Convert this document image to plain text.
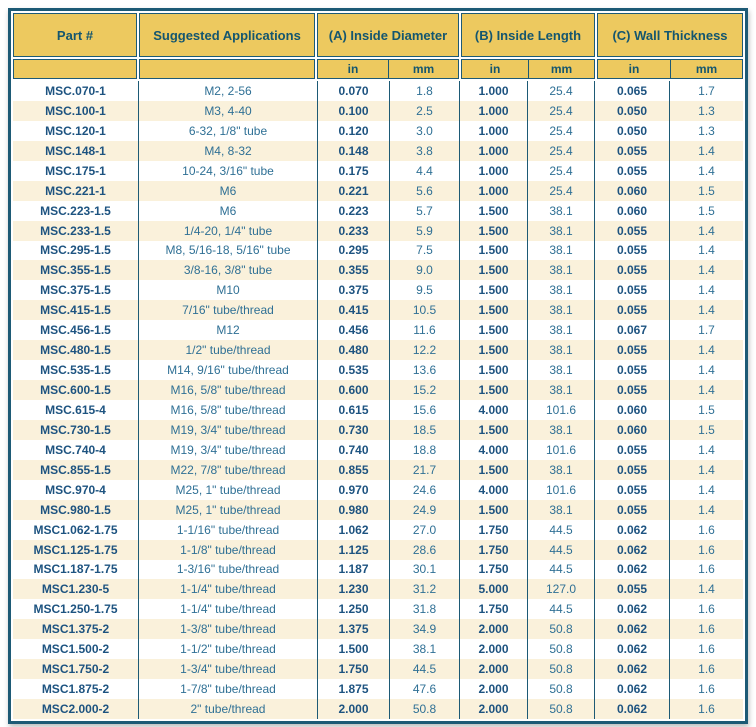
Part #	Suggested Applications	(A) Inside Diameter	(B) Inside Length	(C) Wall Thickness
in	mm	in	mm	in	mm
MSC.070-1	M2, 2-56	0.070	1.8	1.000	25.4	0.065	1.7
MSC.100-1	M3, 4-40	0.100	2.5	1.000	25.4	0.050	1.3
MSC.120-1	6-32, 1/8" tube	0.120	3.0	1.000	25.4	0.050	1.3
MSC.148-1	M4, 8-32	0.148	3.8	1.000	25.4	0.055	1.4
MSC.175-1	10-24, 3/16" tube	0.175	4.4	1.000	25.4	0.055	1.4
MSC.221-1	M6	0.221	5.6	1.000	25.4	0.060	1.5
MSC.223-1.5	M6	0.223	5.7	1.500	38.1	0.060	1.5
MSC.233-1.5	1/4-20, 1/4" tube	0.233	5.9	1.500	38.1	0.055	1.4
MSC.295-1.5	M8, 5/16-18, 5/16" tube	0.295	7.5	1.500	38.1	0.055	1.4
MSC.355-1.5	3/8-16, 3/8" tube	0.355	9.0	1.500	38.1	0.055	1.4
MSC.375-1.5	M10	0.375	9.5	1.500	38.1	0.055	1.4
MSC.415-1.5	7/16" tube/thread	0.415	10.5	1.500	38.1	0.055	1.4
MSC.456-1.5	M12	0.456	11.6	1.500	38.1	0.067	1.7
MSC.480-1.5	1/2" tube/thread	0.480	12.2	1.500	38.1	0.055	1.4
MSC.535-1.5	M14, 9/16" tube/thread	0.535	13.6	1.500	38.1	0.055	1.4
MSC.600-1.5	M16, 5/8" tube/thread	0.600	15.2	1.500	38.1	0.055	1.4
MSC.615-4	M16, 5/8" tube/thread	0.615	15.6	4.000	101.6	0.060	1.5
MSC.730-1.5	M19, 3/4" tube/thread	0.730	18.5	1.500	38.1	0.060	1.5
MSC.740-4	M19, 3/4" tube/thread	0.740	18.8	4.000	101.6	0.055	1.4
MSC.855-1.5	M22, 7/8" tube/thread	0.855	21.7	1.500	38.1	0.055	1.4
MSC.970-4	M25, 1" tube/thread	0.970	24.6	4.000	101.6	0.055	1.4
MSC.980-1.5	M25, 1" tube/thread	0.980	24.9	1.500	38.1	0.055	1.4
MSC1.062-1.75	1-1/16" tube/thread	1.062	27.0	1.750	44.5	0.062	1.6
MSC1.125-1.75	1-1/8" tube/thread	1.125	28.6	1.750	44.5	0.062	1.6
MSC1.187-1.75	1-3/16" tube/thread	1.187	30.1	1.750	44.5	0.062	1.6
MSC1.230-5	1-1/4" tube/thread	1.230	31.2	5.000	127.0	0.055	1.4
MSC1.250-1.75	1-1/4" tube/thread	1.250	31.8	1.750	44.5	0.062	1.6
MSC1.375-2	1-3/8" tube/thread	1.375	34.9	2.000	50.8	0.062	1.6
MSC1.500-2	1-1/2" tube/thread	1.500	38.1	2.000	50.8	0.062	1.6
MSC1.750-2	1-3/4" tube/thread	1.750	44.5	2.000	50.8	0.062	1.6
MSC1.875-2	1-7/8" tube/thread	1.875	47.6	2.000	50.8	0.062	1.6
MSC2.000-2	2" tube/thread	2.000	50.8	2.000	50.8	0.062	1.6
